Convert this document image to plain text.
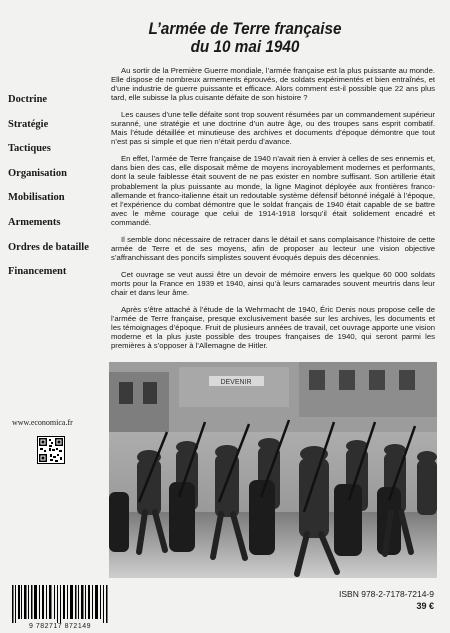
L’armée de Terre française
du 10 mai 1940
Doctrine
Stratégie
Tactiques
Organisation
Mobilisation
Armements
Ordres de bataille
Financement
www.economica.fr

Au sortir de la Première Guerre mondiale, l’armée française est la plus puissante au monde. Elle dispose de nombreux armements éprouvés, de soldats expérimentés et bien entraînés, et d’une industrie de guerre puissante et efficace. Alors comment est-il possible que 22 ans plus tard, elle subisse la plus cuisante défaite de son histoire ?

Les causes d’une telle défaite sont trop souvent résumées par un commandement supérieur suranné, une stratégie et une doctrine d’un autre âge, ou des troupes sans esprit combatif. Mais l’étude détaillée et minutieuse des archives et documents d’époque démontre que tout n’est pas si simple et que rien n’était perdu d’avance.

En effet, l’armée de Terre française de 1940 n’avait rien à envier à celles de ses ennemis et, dans bien des cas, elle disposait même de moyens incroyablement modernes et performants, dont la seule faiblesse était souvent de ne pas exister en nombre suffisant. Son artillerie était probablement la plus puissante au monde, la ligne Maginot déployée aux frontières franco-allemande et franco-italienne était un redoutable système défensif bétonné inégalé à l’époque, et l’expérience du combat démontre que le soldat français de 1940 était capable de se battre avec le même courage que celui de 1914-1918 lorsqu’il était solidement encadré et commandé.

Il semble donc nécessaire de retracer dans le détail et sans complaisance l’histoire de cette armée de Terre et de ses moyens, afin de proposer au lecteur une vision objective s’affranchissant des poncifs simplistes souvent évoqués depuis des décennies.

Cet ouvrage se veut aussi être un devoir de mémoire envers les quelque 60 000 soldats morts pour la France en 1939 et 1940, ainsi qu’à leurs camarades souvent meurtris dans leur chair et dans leur âme.

Après s’être attaché à l’étude de la Wehrmacht de 1940, Éric Denis nous propose celle de l’armée de Terre française, presque exclusivement basée sur les archives, les documents et les témoignages d’époque. Fruit de plusieurs années de travail, cet ouvrage apporte une vision moderne et la plus juste possible des troupes françaises de 1940, qui seront parmi les premières à s’opposer à l’Allemagne de Hitler.

DEVENIR
9 782717 872149
ISBN 978-2-7178-7214-9
39 €
